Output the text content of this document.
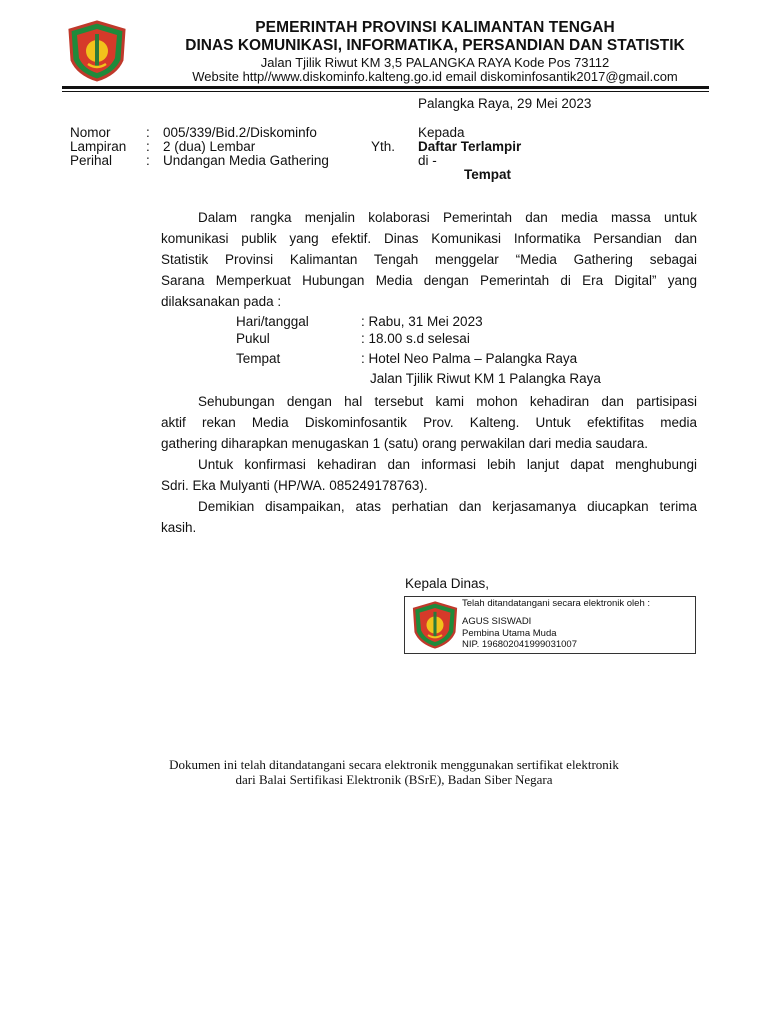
PEMERINTAH PROVINSI KALIMANTAN TENGAH
DINAS KOMUNIKASI, INFORMATIKA, PERSANDIAN DAN STATISTIK
Jalan Tjilik Riwut KM 3,5 PALANGKA RAYA Kode Pos 73112
Website http//www.diskominfo.kalteng.go.id email diskominfosantik2017@gmail.com
Palangka Raya, 29 Mei 2023
Nomor	: 005/339/Bid.2/Diskominfo
Lampiran : 2 (dua) Lembar
Perihal	: Undangan Media Gathering
Yth.
Kepada
Daftar Terlampir
di -
Tempat
Dalam rangka menjalin kolaborasi Pemerintah dan media massa untuk
komunikasi publik yang efektif. Dinas Komunikasi Informatika Persandian dan
Statistik Provinsi Kalimantan Tengah menggelar “Media Gathering sebagai
Sarana Memperkuat Hubungan Media dengan Pemerintah di Era Digital” yang
dilaksanakan pada :
Hari/tanggal	: Rabu, 31 Mei 2023
Pukul	: 18.00 s.d selesai
Tempat	: Hotel Neo Palma – Palangka Raya
Jalan Tjilik Riwut KM 1 Palangka Raya
Sehubungan dengan hal tersebut kami mohon kehadiran dan partisipasi
aktif rekan Media Diskominfosantik Prov. Kalteng. Untuk efektifitas media
gathering diharapkan menugaskan 1 (satu) orang perwakilan dari media saudara.
Untuk konfirmasi kehadiran dan informasi lebih lanjut dapat menghubungi
Sdri. Eka Mulyanti (HP/WA. 085249178763).
Demikian disampaikan, atas perhatian dan kerjasamanya diucapkan terima
kasih.
Kepala Dinas,
Telah ditandatangani secara elektronik oleh :
AGUS SISWADI
Pembina Utama Muda
NIP. 196802041999031007
Dokumen ini telah ditandatangani secara elektronik menggunakan sertifikat elektronik
dari Balai Sertifikasi Elektronik (BSrE), Badan Siber Negara
